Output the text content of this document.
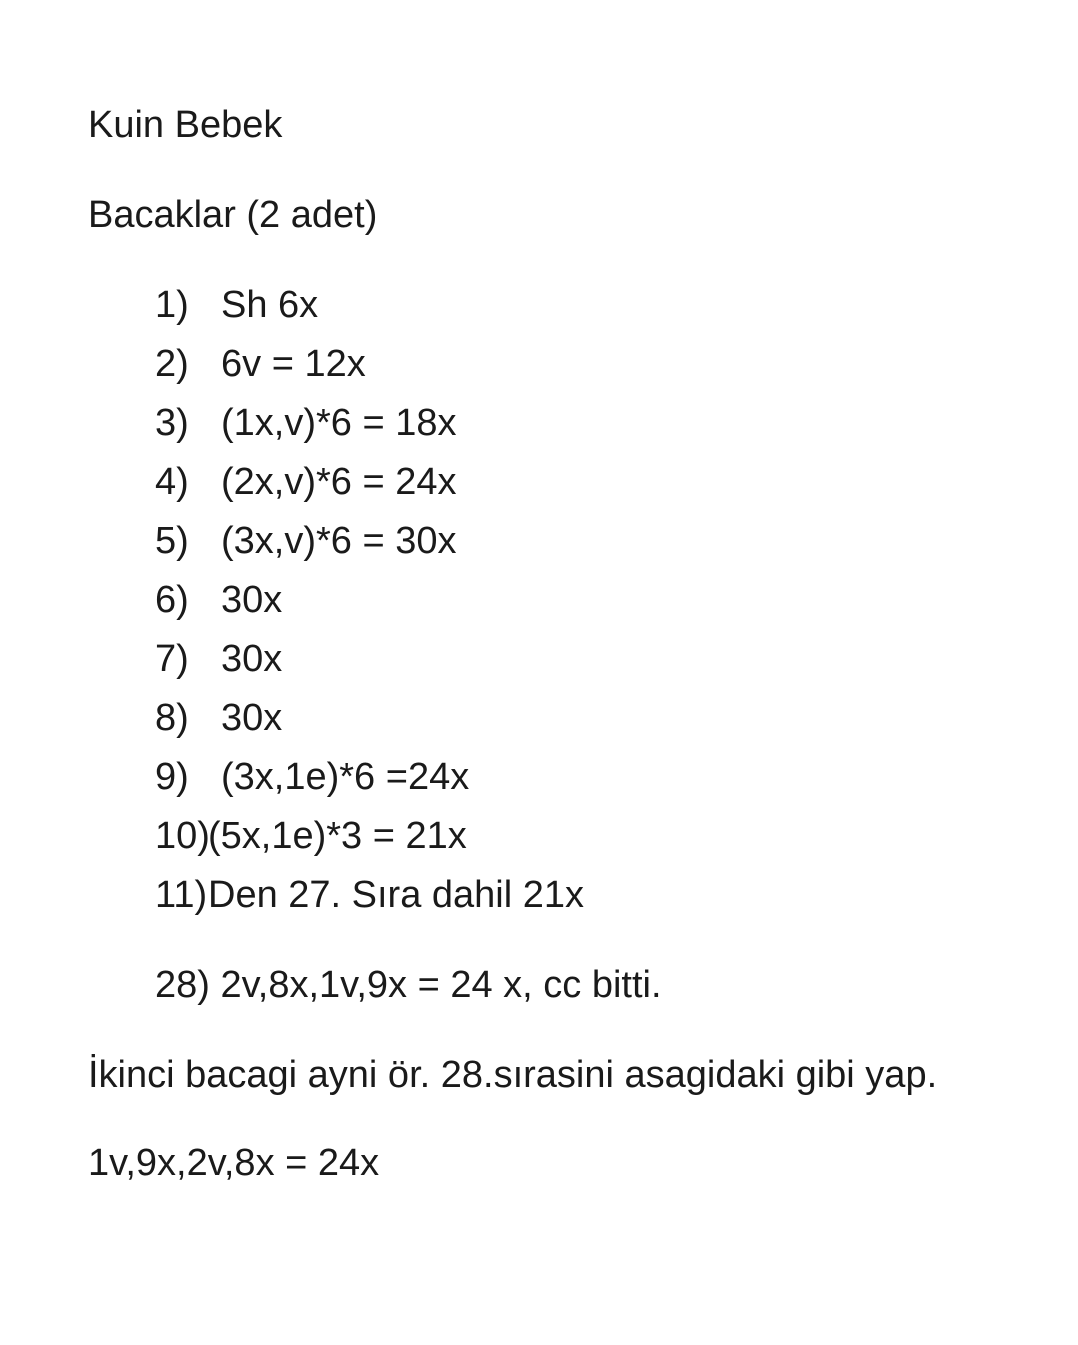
Kuin Bebek
Bacaklar (2 adet)
1) Sh 6x
2) 6v = 12x
3) (1x,v)*6 = 18x
4) (2x,v)*6 = 24x
5) (3x,v)*6 = 30x
6) 30x
7) 30x
8) 30x
9) (3x,1e)*6 =24x
10)
(5x,1e)*3 = 21x
11) Den 27. Sıra dahil 21x
28) 2v,8x,1v,9x = 24 x, cc bitti.
İkinci bacagi ayni ör. 28.sırasini asagidaki gibi yap.
1v,9x,2v,8x = 24x
